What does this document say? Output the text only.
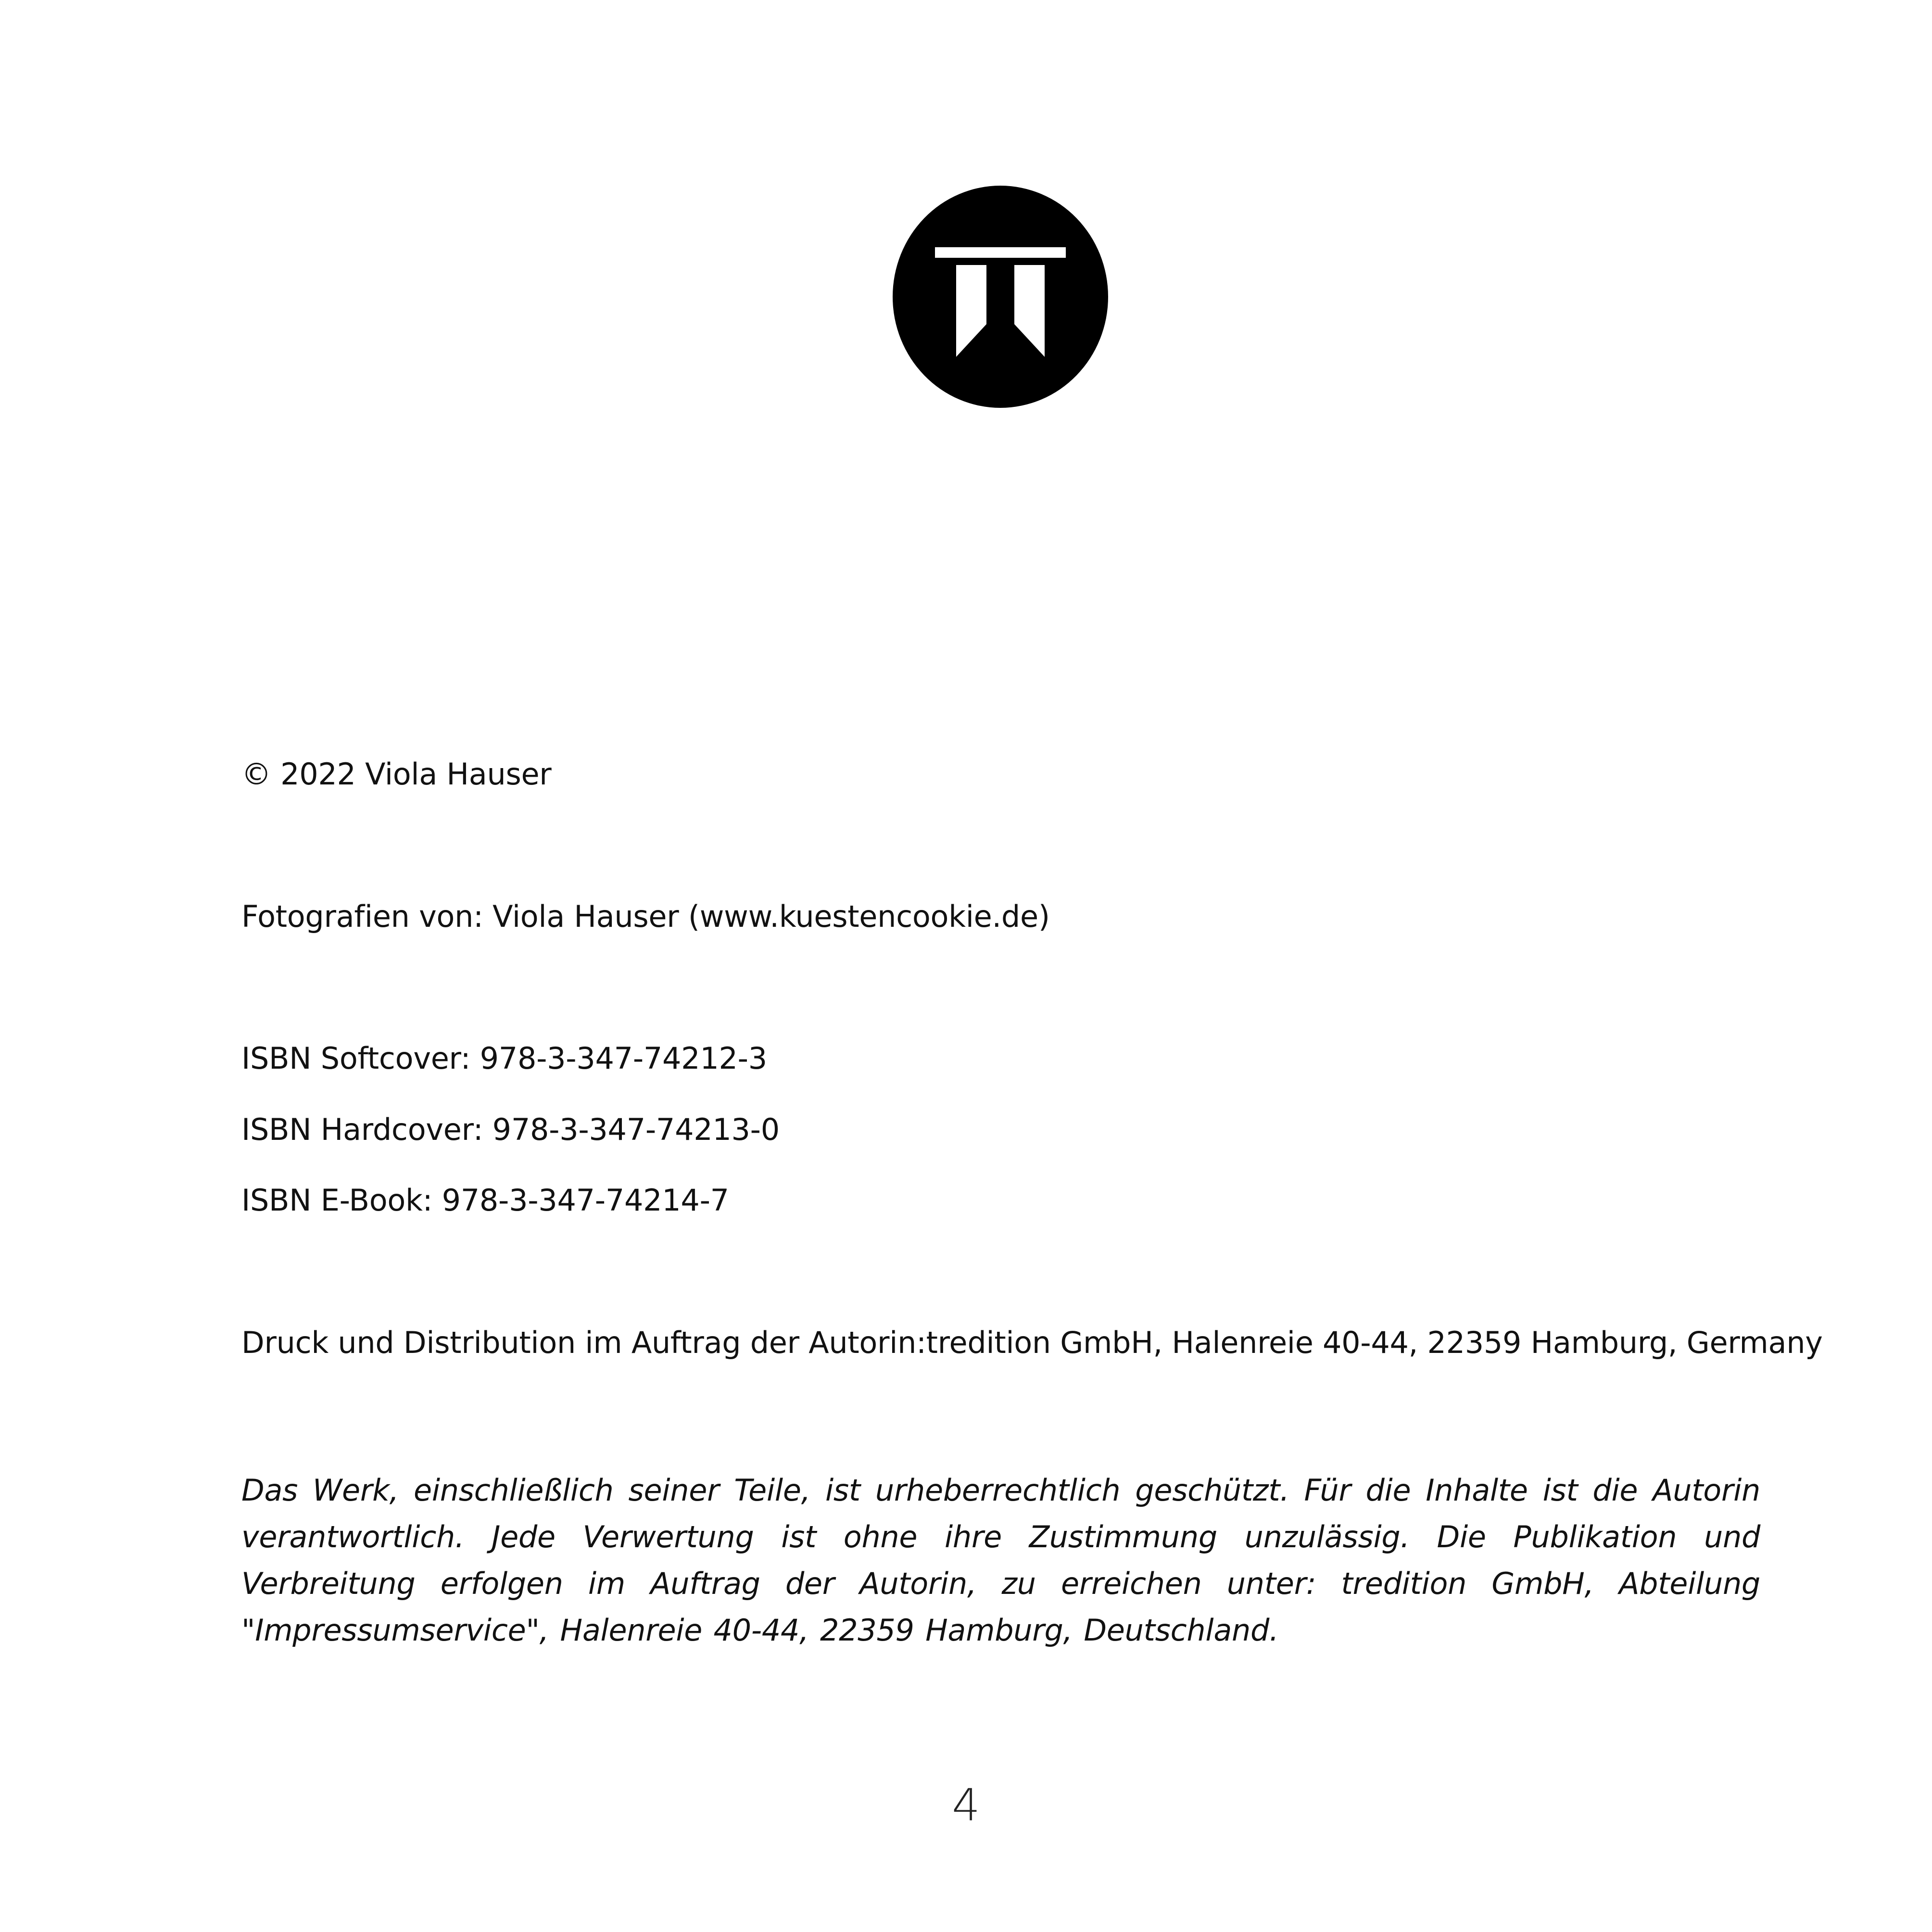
© 2022 Viola Hauser
Fotografien von: Viola Hauser (www.kuestencookie.de)
ISBN Softcover: 978-3-347-74212-3
ISBN Hardcover: 978-3-347-74213-0
ISBN E-Book: 978-3-347-74214-7
Druck und Distribution im Auftrag der Autorin:tredition GmbH, Halenreie 40-44, 22359 Hamburg, Germany
Das Werk, einschließlich seiner Teile, ist urheberrechtlich geschützt. Für die Inhalte ist die Autorin verantwortlich. Jede Verwertung ist ohne ihre Zustimmung unzulässig. Die Publikation und Verbreitung erfolgen im Auftrag der Autorin, zu erreichen unter: tredition GmbH, Abteilung "Impressumservice", Halenreie 40-44, 22359 Hamburg, Deutschland.
4
